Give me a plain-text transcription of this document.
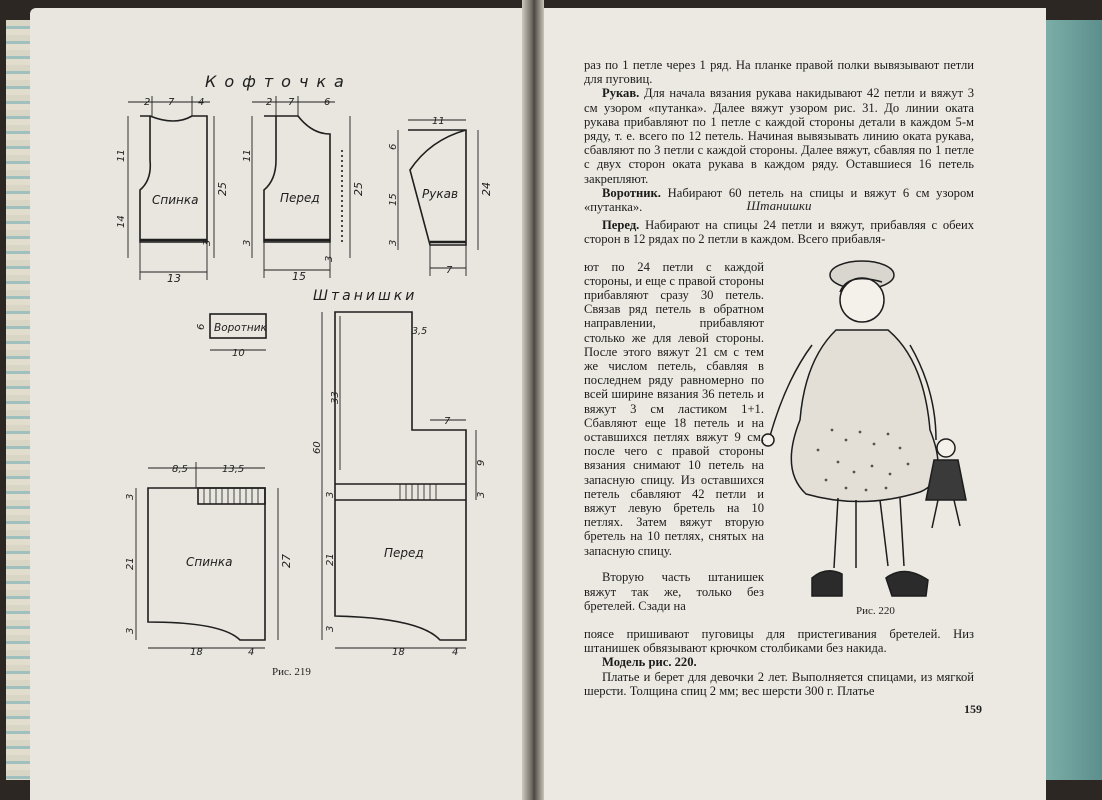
Кофточка
Спинка	Перед	Рукав
2 7 4	2 7	6
11
11
14
3
25
11
3
25
6
15
3
24
13	15	7
3
Штанишки
Воротник
6
10
8,5	13,5
3
21
3
27
Спинка
18	4
3,5
33
60
7
3
9
3
21
3
Перед
18	4
Рис. 219
Рис. 220

раз по 1 петле через 1 ряд. На планке правой полки вывязывают петли для пуговиц.

Рукав. Для начала вязания рукава накидывают 42 петли и вяжут 3 см узором «путанка». Далее вяжут узором рис. 31. До линии оката рукава прибавляют по 1 петле с каждой стороны детали в каждом 5-м ряду, т. е. всего по 12 петель. Начиная вывязывать линию оката рукава, сбавляют по 3 петли с каждой стороны. Далее вяжут, сбавляя по 1 петле с двух сторон оката рукава в каждом ряду. Оставшиеся 16 петель закрепляют.

Воротник. Набирают 60 петель на спицы и вяжут 6 см узором «путанка».	Штанишки

Перед. Набирают на спицы 24 петли и вяжут, прибавляя с обеих сторон в 12 рядах по 2 петли в каждом. Всего прибавля-

ют по 24 петли с каждой стороны, и еще с правой стороны прибавляют сразу 30 петель. Связав ряд петель в обратном направлении, прибавляют столько же для левой стороны. После этого вяжут 21 см с тем же числом петель, сбавляя в последнем ряду равномерно по всей ширине вязания 36 петель и вяжут 3 см ластиком 1+1. Сбавляют еще 18 петель и на оставшихся петлях вяжут 9 см, после чего с правой стороны вязания снимают 10 петель на запасную спицу. Из оставшихся петель сбавляют 42 петли и вяжут левую бретель на 10 петлях. Затем вяжут вторую бретель на 10 петлях, снятых на запасную спицу.

Вторую часть штанишек вяжут так же, только без бретелей. Сзади на

поясе пришивают пуговицы для пристегивания бретелей. Низ штанишек обвязывают крючком столбиками без накида.

Модель рис. 220.

Платье и берет для девочки 2 лет. Выполняется спицами, из мягкой шерсти. Толщина спиц 2 мм; вес шерсти 300 г. Платье

159
